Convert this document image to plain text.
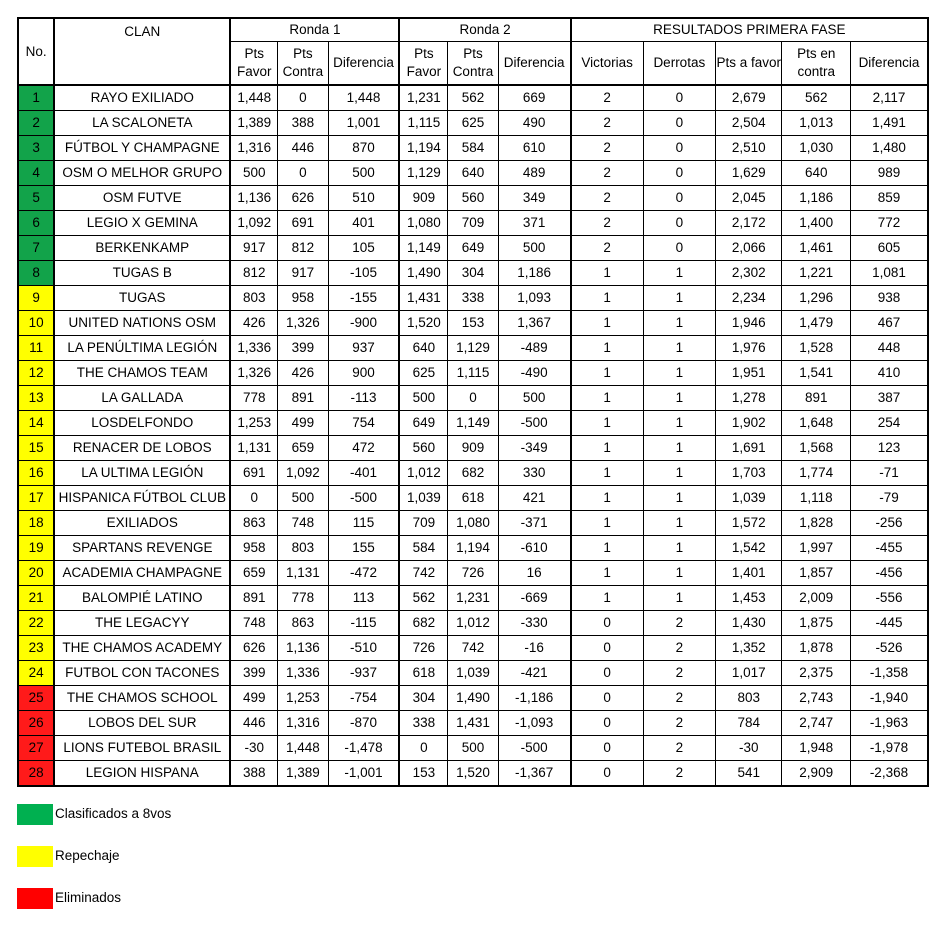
No.	CLAN	Ronda 1			Ronda 2			RESULTADOS PRIMERA FASE				
		Pts Favor	Pts Contra	Diferencia	Pts Favor	Pts Contra	Diferencia	Victorias	Derrotas	Pts a favor	Pts en contra	Diferencia
1	RAYO EXILIADO	1,448	0	1,448	1,231	562	669	2	0	2,679	562	2,117
2	LA SCALONETA	1,389	388	1,001	1,115	625	490	2	0	2,504	1,013	1,491
3	FÚTBOL Y CHAMPAGNE	1,316	446	870	1,194	584	610	2	0	2,510	1,030	1,480
4	OSM O MELHOR GRUPO	500	0	500	1,129	640	489	2	0	1,629	640	989
5	OSM FUTVE	1,136	626	510	909	560	349	2	0	2,045	1,186	859
6	LEGIO X GEMINA	1,092	691	401	1,080	709	371	2	0	2,172	1,400	772
7	BERKENKAMP	917	812	105	1,149	649	500	2	0	2,066	1,461	605
8	TUGAS B	812	917	-105	1,490	304	1,186	1	1	2,302	1,221	1,081
9	TUGAS	803	958	-155	1,431	338	1,093	1	1	2,234	1,296	938
10	UNITED NATIONS OSM	426	1,326	-900	1,520	153	1,367	1	1	1,946	1,479	467
11	LA PENÚLTIMA LEGIÓN	1,336	399	937	640	1,129	-489	1	1	1,976	1,528	448
12	THE CHAMOS TEAM	1,326	426	900	625	1,115	-490	1	1	1,951	1,541	410
13	LA GALLADA	778	891	-113	500	0	500	1	1	1,278	891	387
14	LOSDELFONDO	1,253	499	754	649	1,149	-500	1	1	1,902	1,648	254
15	RENACER DE LOBOS	1,131	659	472	560	909	-349	1	1	1,691	1,568	123
16	LA ULTIMA LEGIÓN	691	1,092	-401	1,012	682	330	1	1	1,703	1,774	-71
17	HISPANICA FÚTBOL CLUB	0	500	-500	1,039	618	421	1	1	1,039	1,118	-79
18	EXILIADOS	863	748	115	709	1,080	-371	1	1	1,572	1,828	-256
19	SPARTANS REVENGE	958	803	155	584	1,194	-610	1	1	1,542	1,997	-455
20	ACADEMIA CHAMPAGNE	659	1,131	-472	742	726	16	1	1	1,401	1,857	-456
21	BALOMPIÉ LATINO	891	778	113	562	1,231	-669	1	1	1,453	2,009	-556
22	THE LEGACYY	748	863	-115	682	1,012	-330	0	2	1,430	1,875	-445
23	THE CHAMOS ACADEMY	626	1,136	-510	726	742	-16	0	2	1,352	1,878	-526
24	FUTBOL CON TACONES	399	1,336	-937	618	1,039	-421	0	2	1,017	2,375	-1,358
25	THE CHAMOS SCHOOL	499	1,253	-754	304	1,490	-1,186	0	2	803	2,743	-1,940
26	LOBOS DEL SUR	446	1,316	-870	338	1,431	-1,093	0	2	784	2,747	-1,963
27	LIONS FUTEBOL BRASIL	-30	1,448	-1,478	0	500	-500	0	2	-30	1,948	-1,978
28	LEGION HISPANA	388	1,389	-1,001	153	1,520	-1,367	0	2	541	2,909	-2,368
Clasificados a 8vos
Repechaje
Eliminados
